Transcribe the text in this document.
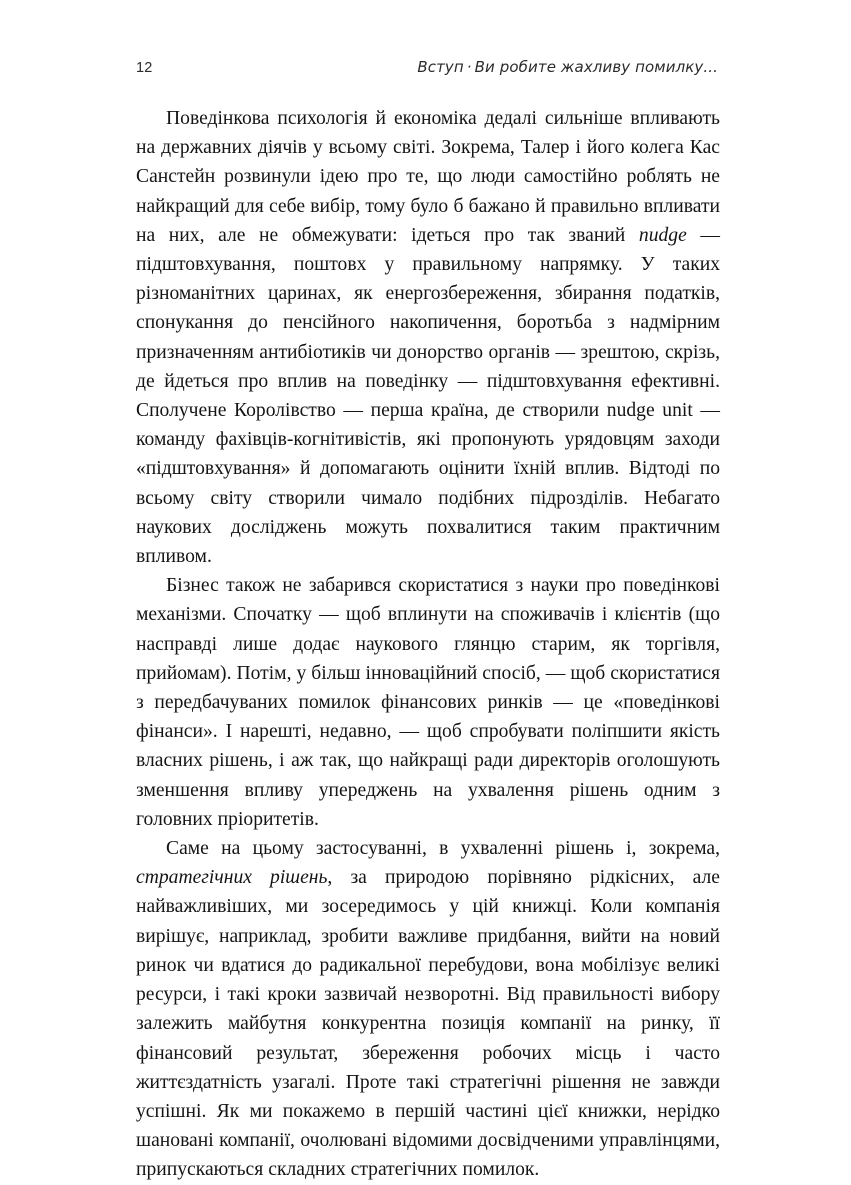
12	Вступ · Ви робите жахливу помилку...

Поведінкова психологія й економіка дедалі сильніше впливають на державних діячів у всьому світі. Зокрема, Талер і його колега Кас Санстейн розвинули ідею про те, що люди самостійно роблять не найкращий для себе вибір, тому було б бажано й правильно впливати на них, але не обмежувати: ідеться про так званий nudge — підштовхування, поштовх у правильному напрямку. У таких різноманітних царинах, як енергозбереження, збирання податків, спонукання до пенсійного накопичення, боротьба з надмірним призначенням антибіотиків чи донорство органів — зрештою, скрізь, де йдеться про вплив на поведінку — підштовхування ефективні. Сполучене Королівство — перша країна, де створили nudge unit — команду фахівців-когнітивістів, які пропонують урядовцям заходи «підштовхування» й допомагають оцінити їхній вплив. Відтоді по всьому світу створили чимало подібних підрозділів. Небагато наукових досліджень можуть похвалитися таким практичним впливом.

Бізнес також не забарився скористатися з науки про поведінкові механізми. Спочатку — щоб вплинути на споживачів і клієнтів (що насправді лише додає наукового глянцю старим, як торгівля, прийомам). Потім, у більш інноваційний спосіб, — щоб скористатися з передбачуваних помилок фінансових ринків — це «поведінкові фінанси». І нарешті, недавно, — щоб спробувати поліпшити якість власних рішень, і аж так, що найкращі ради директорів оголошують зменшення впливу упереджень на ухвалення рішень одним з головних пріоритетів.

Саме на цьому застосуванні, в ухваленні рішень і, зокрема, стратегічних рішень, за природою порівняно рідкісних, але найважливіших, ми зосередимось у цій книжці. Коли компанія вирішує, наприклад, зробити важливе придбання, вийти на новий ринок чи вдатися до радикальної перебудови, вона мобілізує великі ресурси, і такі кроки зазвичай незворотні. Від правильності вибору залежить майбутня конкурентна позиція компанії на ринку, її фінансовий результат, збереження робочих місць і часто життєздатність узагалі. Проте такі стратегічні рішення не завжди успішні. Як ми покажемо в першій частині цієї книжки, нерідко шановані компанії, очолювані відомими досвідченими управлінцями, припускаються складних стратегічних помилок.
